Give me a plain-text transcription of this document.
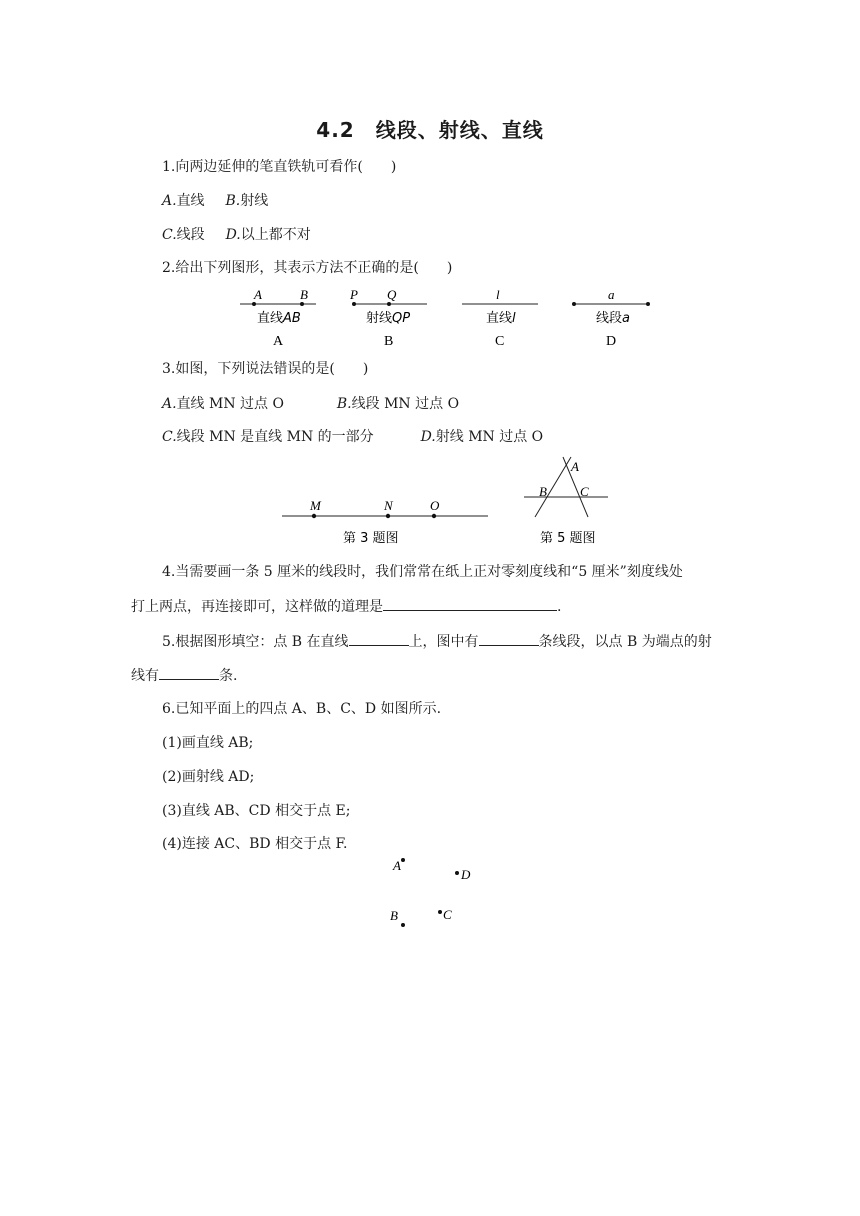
4.2　线段、射线、直线
1.向两边延伸的笔直铁轨可看作(　　)
A.直线 B.射线
C.线段 D.以上都不对
2.给出下列图形，其表示方法不正确的是(　　)
A	B
直线AB
A
P Q
射线QP
B
l
直线l
C
a
线段a
D
3.如图，下列说法错误的是(　　)
A.直线 MN 过点 O	B.线段 MN 过点 O
C.线段 MN 是直线 MN 的一部分	D.射线 MN 过点 O
M	N	O
第 3 题图
A
B	C
第 5 题图
4.当需要画一条 5 厘米的线段时，我们常常在纸上正对零刻度线和“5 厘米”刻度线处
打上两点，再连接即可，这样做的道理是	.
5.根据图形填空：点 B 在直线	上，图中有	条线段，以点 B 为端点的射
线有	条.
6.已知平面上的四点 A、B、C、D 如图所示.
(1)画直线 AB;
(2)画射线 AD;
(3)直线 AB、CD 相交于点 E;
(4)连接 AC、BD 相交于点 F.
A
D
C
B
